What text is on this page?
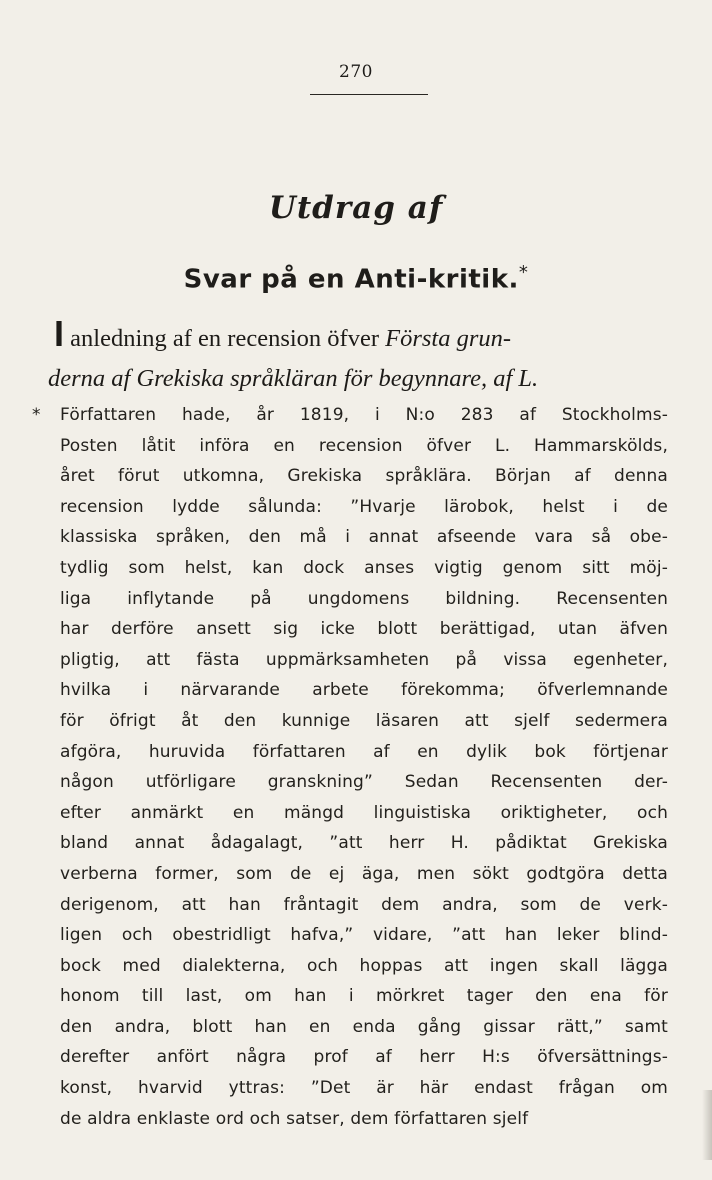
270
Utdrag af
Svar på en Anti-kritik.*
I anledning af en recension öfver Första grun-
derna af Grekiska språkläran för begynnare, af L.
* Författaren hade, år 1819, i N:o 283 af Stockholms-
Posten låtit införa en recension öfver L. Hammarskölds,
året förut utkomna, Grekiska språklära. Början af denna
recension lydde sålunda: ”Hvarje lärobok, helst i de
klassiska språken, den må i annat afseende vara så obe-
tydlig som helst, kan dock anses vigtig genom sitt möj-
liga inflytande på ungdomens bildning. Recensenten
har derföre ansett sig icke blott berättigad, utan äfven
pligtig, att fästa uppmärksamheten på vissa egenheter,
hvilka i närvarande arbete förekomma; öfverlemnande
för öfrigt åt den kunnige läsaren att sjelf sedermera
afgöra, huruvida författaren af en dylik bok förtjenar
någon utförligare granskning” Sedan Recensenten der-
efter anmärkt en mängd linguistiska oriktigheter, och
bland annat ådagalagt, ”att herr H. pådiktat Grekiska
verberna former, som de ej äga, men sökt godtgöra detta
derigenom, att han fråntagit dem andra, som de verk-
ligen och obestridligt hafva,” vidare, ”att han leker blind-
bock med dialekterna, och hoppas att ingen skall lägga
honom till last, om han i mörkret tager den ena för
den andra, blott han en enda gång gissar rätt,” samt
derefter anfört några prof af herr H:s öfversättnings-
konst, hvarvid yttras: ”Det är här endast frågan om
de aldra enklaste ord och satser, dem författaren sjelf
